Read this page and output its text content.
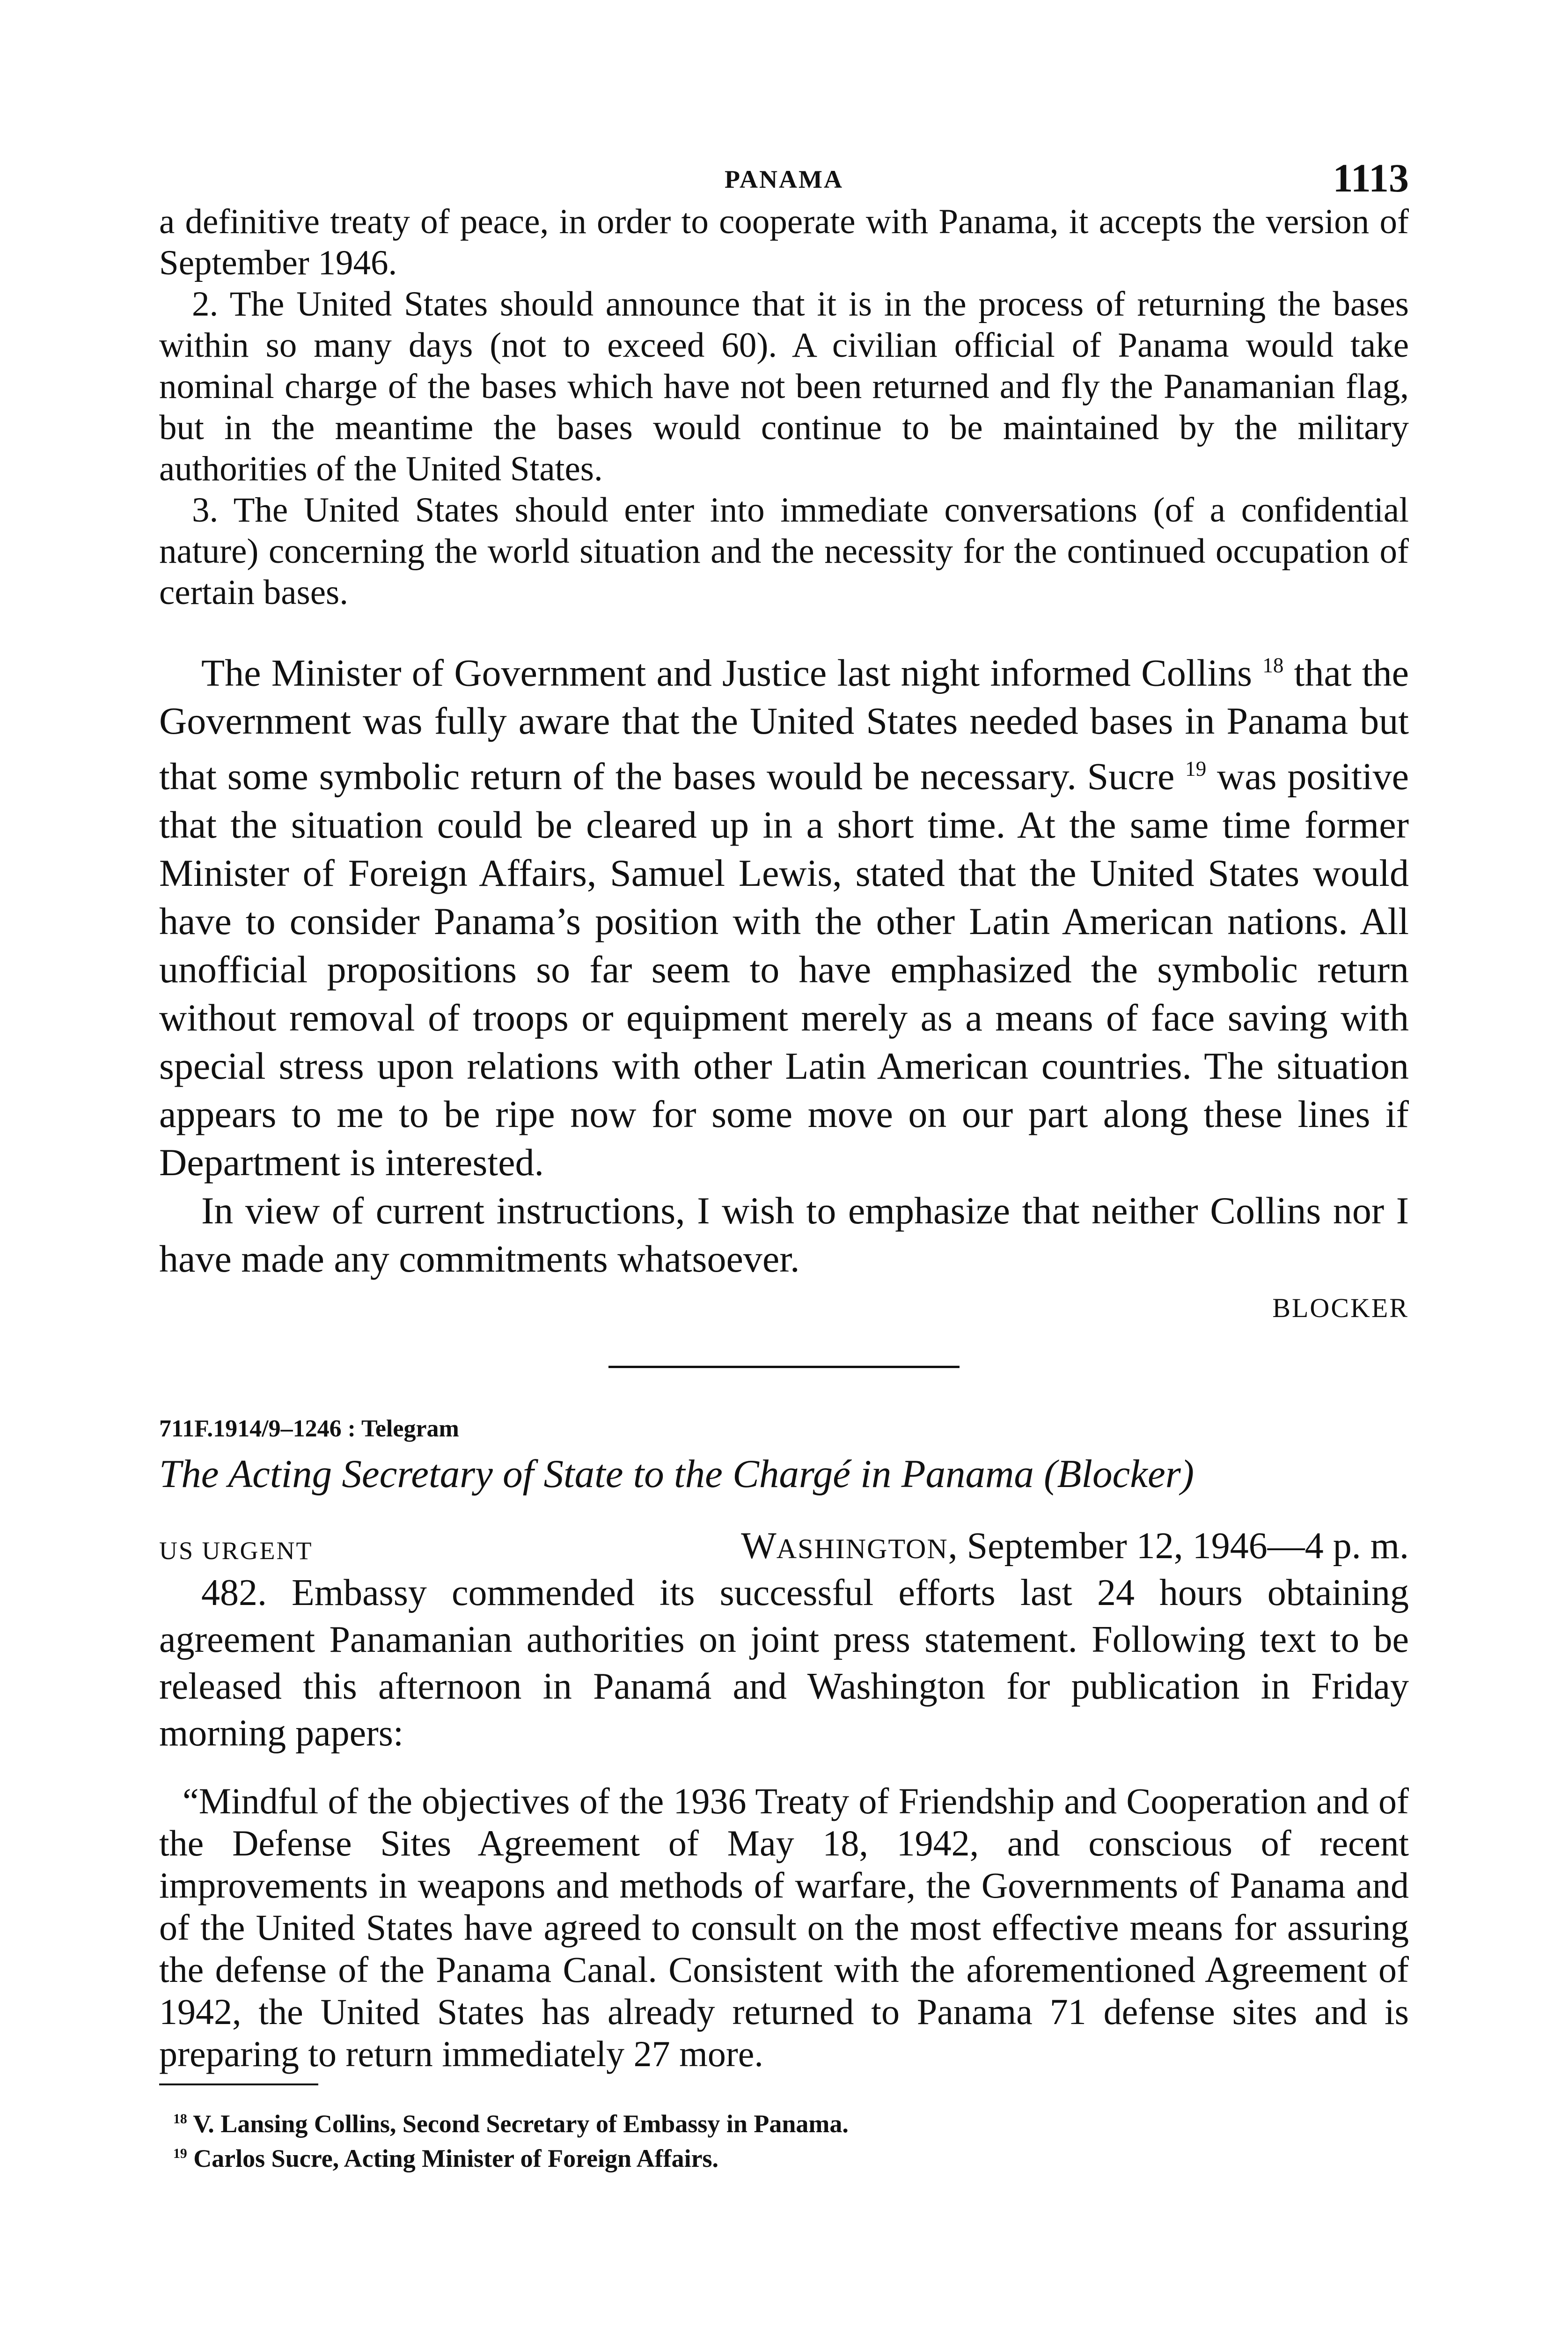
PANAMA	1113

a definitive treaty of peace, in order to cooperate with Panama, it accepts the version of September 1946.

2. The United States should announce that it is in the process of returning the bases within so many days (not to exceed 60). A civilian official of Panama would take nominal charge of the bases which have not been returned and fly the Panamanian flag, but in the meantime the bases would continue to be maintained by the military authorities of the United States.

3. The United States should enter into immediate conversations (of a confidential nature) concerning the world situation and the necessity for the continued occupation of certain bases.

The Minister of Government and Justice last night informed Collins $^{18}$ that the Government was fully aware that the United States needed bases in Panama but that some symbolic return of the bases would be necessary. Sucre $^{19}$ was positive that the situation could be cleared up in a short time. At the same time former Minister of Foreign Affairs, Samuel Lewis, stated that the United States would have to consider Panama’s position with the other Latin American nations. All unofficial propositions so far seem to have emphasized the symbolic return without removal of troops or equipment merely as a means of face saving with special stress upon relations with other Latin American countries. The situation appears to me to be ripe now for some move on our part along these lines if Department is interested.

In view of current instructions, I wish to emphasize that neither Collins nor I have made any commitments whatsoever.

BLOCKER
711F.1914/9–1246 : Telegram
The Acting Secretary of State to the Chargé in Panama (Blocker)
US URGENT	WASHINGTON, September 12, 1946—4 p. m.

482. Embassy commended its successful efforts last 24 hours obtaining agreement Panamanian authorities on joint press statement. Following text to be released this afternoon in Panamá and Washington for publication in Friday morning papers:

“Mindful of the objectives of the 1936 Treaty of Friendship and Cooperation and of the Defense Sites Agreement of May 18, 1942, and conscious of recent improvements in weapons and methods of warfare, the Governments of Panama and of the United States have agreed to consult on the most effective means for assuring the defense of the Panama Canal. Consistent with the aforementioned Agreement of 1942, the United States has already returned to Panama 71 defense sites and is preparing to return immediately 27 more.

$^{18}$ V. Lansing Collins, Second Secretary of Embassy in Panama.
$^{19}$ Carlos Sucre, Acting Minister of Foreign Affairs.
